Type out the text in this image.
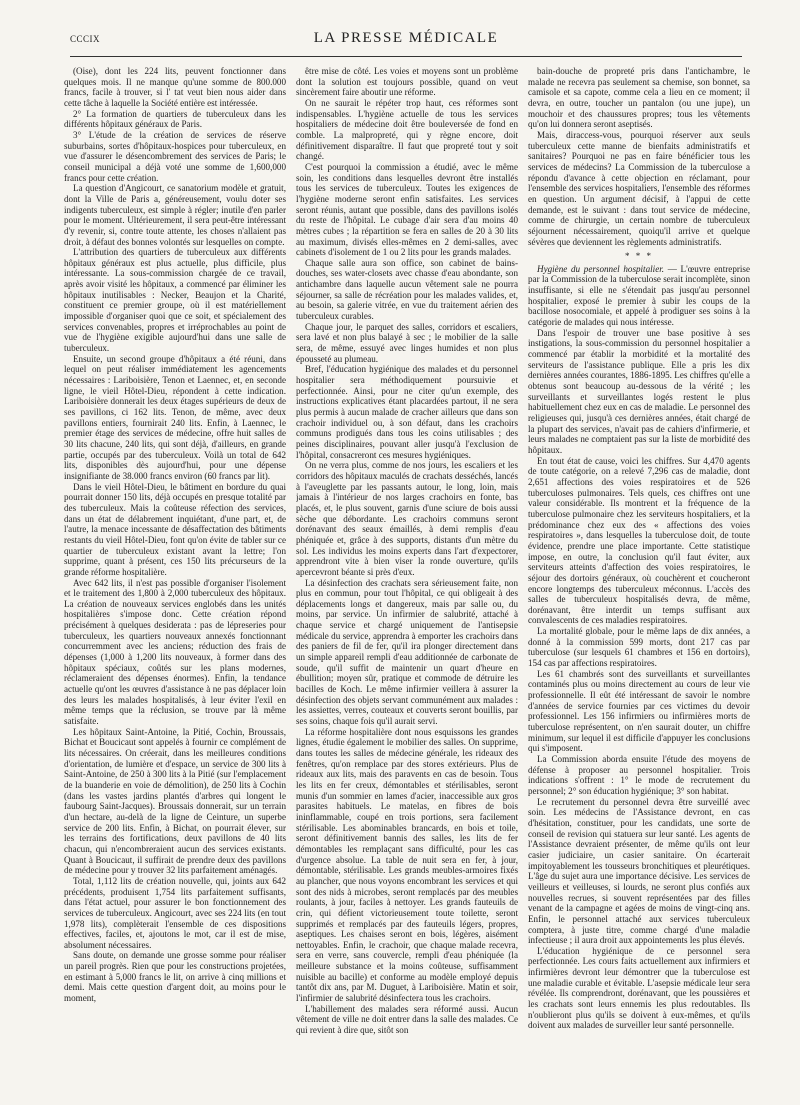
CCCIX	LA PRESSE MÉDICALE

(Oise), dont les 224 lits, peuvent fonctionner dans quelques mois. Il ne manque qu'une somme de 800.000 francs, facile à trouver, si l' tat veut bien nous aider dans cette tâche à laquelle la Société entière est intéressée.

2° La formation de quartiers de tuberculeux dans les différents hôpitaux généraux de Paris.

3° L'étude de la création de services de réserve suburbains, sortes d'hôpitaux-hospices pour tuberculeux, en vue d'assurer le désencombrement des services de Paris; le conseil municipal a déjà voté une somme de 1,600,000 francs pour cette création.

La question d'Angicourt, ce sanatorium modèle et gratuit, dont la Ville de Paris a, généreusement, voulu doter ses indigents tuberculeux, est simple à régler; inutile d'en parler pour le moment. Ultérieurement, il sera peut-être intéressant d'y revenir, si, contre toute attente, les choses n'allaient pas droit, à défaut des bonnes volontés sur lesquelles on compte.

L'attribution des quartiers de tuberculeux aux différents hôpitaux généraux est plus actuelle, plus difficile, plus intéressante. La sous-commission chargée de ce travail, après avoir visité les hôpitaux, a commencé par éliminer les hôpitaux inutilisables : Necker, Beaujon et la Charité, constituent ce premier groupe, où il est matériellement impossible d'organiser quoi que ce soit, et spécialement des services convenables, propres et irréprochables au point de vue de l'hygiène exigible aujourd'hui dans une salle de tuberculeux.

Ensuite, un second groupe d'hôpitaux a été réuni, dans lequel on peut réaliser immédiatement les agencements nécessaires : Lariboisière, Tenon et Laennec, et, en seconde ligne, le vieil Hôtel-Dieu, répondent à cette indication. Lariboisière donnerait les deux étages supérieurs de deux de ses pavillons, ci 162 lits. Tenon, de même, avec deux pavillons entiers, fournirait 240 lits. Enfin, à Laennec, le premier étage des services de médecine, offre huit salles de 30 lits chacune, 240 lits, qui sont déjà, d'ailleurs, en grande partie, occupés par des tuberculeux. Voilà un total de 642 lits, disponibles dès aujourd'hui, pour une dépense insignifiante de 38.000 francs environ (60 francs par lit).

Dans le vieil Hôtel-Dieu, le bâtiment en bordure du quai pourrait donner 150 lits, déjà occupés en presque totalité par des tuberculeux. Mais la coûteuse réfection des services, dans un état de délabrement inquiétant, d'une part, et, de l'autre, la menace incessante de désaffectation des bâtiments restants du vieil Hôtel-Dieu, font qu'on évite de tabler sur ce quartier de tuberculeux existant avant la lettre; l'on supprime, quant à présent, ces 150 lits précurseurs de la grande réforme hospitalière.

Avec 642 lits, il n'est pas possible d'organiser l'isolement et le traitement des 1,800 à 2,000 tuberculeux des hôpitaux. La création de nouveaux services englobés dans les unités hospitalières s'impose donc. Cette création répond précisément à quelques desiderata : pas de lépreseries pour tuberculeux, les quartiers nouveaux annexés fonctionnant concurremment avec les anciens; réduction des frais de dépenses (1,000 à 1,200 lits nouveaux, à former dans des hôpitaux spéciaux, coûtés sur les plans modernes, réclameraient des dépenses énormes). Enfin, la tendance actuelle qu'ont les œuvres d'assistance à ne pas déplacer loin des leurs les malades hospitalisés, à leur éviter l'exil en même temps que la réclusion, se trouve par là même satisfaite.

Les hôpitaux Saint-Antoine, la Pitié, Cochin, Broussais, Bichat et Boucicaut sont appelés à fournir ce complément de lits nécessaires. On créerait, dans les meilleures conditions d'orientation, de lumière et d'espace, un service de 300 lits à Saint-Antoine, de 250 à 300 lits à la Pitié (sur l'emplacement de la buanderie en voie de démolition), de 250 lits à Cochin (dans les vastes jardins plantés d'arbres qui longent le faubourg Saint-Jacques). Broussais donnerait, sur un terrain d'un hectare, au-delà de la ligne de Ceinture, un superbe service de 200 lits. Enfin, à Bichat, on pourrait élever, sur les terrains des fortifications, deux pavillons de 40 lits chacun, qui n'encombreraient aucun des services existants. Quant à Boucicaut, il suffirait de prendre deux des pavillons de médecine pour y trouver 32 lits parfaitement aménagés.

Total, 1,112 lits de création nouvelle, qui, joints aux 642 précédents, produisent 1,754 lits parfaitement suffisants, dans l'état actuel, pour assurer le bon fonctionnement des services de tuberculeux. Angicourt, avec ses 224 lits (en tout 1,978 lits), complèterait l'ensemble de ces dispositions effectives, faciles, et, ajoutons le mot, car il est de mise, absolument nécessaires.

Sans doute, on demande une grosse somme pour réaliser un pareil progrès. Rien que pour les constructions projetées, en estimant à 5,000 francs le lit, on arrive à cinq millions et demi. Mais cette question d'argent doit, au moins pour le moment,

être mise de côté. Les voies et moyens sont un problème dont la solution est toujours possible, quand on veut sincèrement faire aboutir une réforme.

On ne saurait le répéter trop haut, ces réformes sont indispensables. L'hygiène actuelle de tous les services hospitaliers de médecine doit être bouleversée de fond en comble. La malpropreté, qui y règne encore, doit définitivement disparaître. Il faut que propreté tout y soit changé.

C'est pourquoi la commission a étudié, avec le même soin, les conditions dans lesquelles devront être installés tous les services de tuberculeux. Toutes les exigences de l'hygiène moderne seront enfin satisfaites. Les services seront réunis, autant que possible, dans des pavillons isolés du reste de l'hôpital. Le cubage d'air sera d'au moins 40 mètres cubes ; la répartition se fera en salles de 20 à 30 lits au maximum, divisés elles-mêmes en 2 demi-salles, avec cabinets d'isolement de 1 ou 2 lits pour les grands malades.

Chaque salle aura son office, son cabinet de bains-douches, ses water-closets avec chasse d'eau abondante, son antichambre dans laquelle aucun vêtement sale ne pourra séjourner, sa salle de récréation pour les malades valides, et, au besoin, sa galerie vitrée, en vue du traitement aérien des tuberculeux curables.

Chaque jour, le parquet des salles, corridors et escaliers, sera lavé et non plus balayé à sec ; le mobilier de la salle sera, de même, essuyé avec linges humides et non plus épousseté au plumeau.

Bref, l'éducation hygiénique des malades et du personnel hospitalier sera méthodiquement poursuivie et perfectionnée. Ainsi, pour ne citer qu'un exemple, des instructions explicatives étant placardées partout, il ne sera plus permis à aucun malade de cracher ailleurs que dans son crachoir individuel ou, à son défaut, dans les crachoirs communs prodigués dans tous les coins utilisables ; des peines disciplinaires, pouvant aller jusqu'à l'exclusion de l'hôpital, consacreront ces mesures hygiéniques.

On ne verra plus, comme de nos jours, les escaliers et les corridors des hôpitaux maculés de crachats desséchés, lancés à l'aveuglette par les passants autour, le long, loin, mais jamais à l'intérieur de nos larges crachoirs en fonte, bas placés, et, le plus souvent, garnis d'une sciure de bois aussi sèche que débordante. Les crachoirs communs seront dorénavant des seaux émaillés, à demi remplis d'eau phéniquée et, grâce à des supports, distants d'un mètre du sol. Les individus les moins experts dans l'art d'expectorer, apprendront vite à bien viser la ronde ouverture, qu'ils apercevront béante si près d'eux.

La désinfection des crachats sera sérieusement faite, non plus en commun, pour tout l'hôpital, ce qui obligeait à des déplacements longs et dangereux, mais par salle ou, du moins, par service. Un infirmier de salubrité, attaché à chaque service et chargé uniquement de l'antisepsie médicale du service, apprendra à emporter les crachoirs dans des paniers de fil de fer, qu'il ira plonger directement dans un simple appareil rempli d'eau additionnée de carbonate de soude, qu'il suffit de maintenir un quart d'heure en ébullition; moyen sûr, pratique et commode de détruire les bacilles de Koch. Le même infirmier veillera à assurer la désinfection des objets servant communément aux malades : les assiettes, verres, couteaux et couverts seront bouillis, par ses soins, chaque fois qu'il aurait servi.

La réforme hospitalière dont nous esquissons les grandes lignes, étudie également le mobilier des salles. On supprime, dans toutes les salles de médecine générale, les rideaux des fenêtres, qu'on remplace par des stores extérieurs. Plus de rideaux aux lits, mais des paravents en cas de besoin. Tous les lits en fer creux, démontables et stérilisables, seront munis d'un sommier en lames d'acier, inaccessible aux gros parasites habituels. Le matelas, en fibres de bois ininflammable, coupé en trois portions, sera facilement stérilisable. Les abominables brancards, en bois et toile, seront définitivement bannis des salles, les lits de fer démontables les remplaçant sans difficulté, pour les cas d'urgence absolue. La table de nuit sera en fer, à jour, démontable, stérilisable. Les grands meubles-armoires fixés au plancher, que nous voyons encombrant les services et qui sont des nids à microbes, seront remplacés par des meubles roulants, à jour, faciles à nettoyer. Les grands fauteuils de crin, qui défient victorieusement toute toilette, seront supprimés et remplacés par des fauteuils légers, propres, aseptiques. Les chaises seront en bois, légères, aisément nettoyables. Enfin, le crachoir, que chaque malade recevra, sera en verre, sans couvercle, rempli d'eau phéniquée (la meilleure substance et la moins coûteuse, suffisamment nuisible au bacille) et conforme au modèle employé depuis tantôt dix ans, par M. Duguet, à Lariboisière. Matin et soir, l'infirmier de salubrité désinfectera tous les crachoirs.

L'habillement des malades sera réformé aussi. Aucun vêtement de ville ne doit entrer dans la salle des malades. Ce qui revient à dire que, sitôt son

bain-douche de propreté pris dans l'antichambre, le malade ne recevra pas seulement sa chemise, son bonnet, sa camisole et sa capote, comme cela a lieu en ce moment; il devra, en outre, toucher un pantalon (ou une jupe), un mouchoir et des chaussures propres; tous les vêtements qu'on lui donnera seront aseptisés.

Mais, diraccess-vous, pourquoi réserver aux seuls tuberculeux cette manne de bienfaits administratifs et sanitaires? Pourquoi ne pas en faire bénéficier tous les services de médecins? La Commission de la tuberculose a répondu d'avance à cette objection en réclamant, pour l'ensemble des services hospitaliers, l'ensemble des réformes en question. Un argument décisif, à l'appui de cette demande, est le suivant : dans tout service de médecine, comme de chirurgie, un certain nombre de tuberculeux séjournent nécessairement, quoiqu'il arrive et quelque sévères que deviennent les règlements administratifs.

* * *

Hygiène du personnel hospitalier. — L'œuvre entreprise par la Commission de la tuberculose serait incomplète, sinon insuffisante, si elle ne s'étendait pas jusqu'au personnel hospitalier, exposé le premier à subir les coups de la bacillose nosocomiale, et appelé à prodiguer ses soins à la catégorie de malades qui nous intéresse.

Dans l'espoir de trouver une base positive à ses instigations, la sous-commission du personnel hospitalier a commencé par établir la morbidité et la mortalité des serviteurs de l'assistance publique. Elle a pris les dix dernières années courantes, 1886-1895. Les chiffres qu'elle a obtenus sont beaucoup au-dessous de la vérité ; les surveillants et surveillantes logés restent le plus habituellement chez eux en cas de maladie. Le personnel des religieuses qui, jusqu'à ces dernières années, était chargé de la plupart des services, n'avait pas de cahiers d'infirmerie, et leurs malades ne comptaient pas sur la liste de morbidité des hôpitaux.

En tout état de cause, voici les chiffres. Sur 4,470 agents de toute catégorie, on a relevé 7,296 cas de maladie, dont 2,651 affections des voies respiratoires et de 526 tuberculoses pulmonaires. Tels quels, ces chiffres ont une valeur considérable. Ils montrent et la fréquence de la tuberculose pulmonaire chez les serviteurs hospitaliers, et la prédominance chez eux des « affections des voies respiratoires », dans lesquelles la tuberculose doit, de toute évidence, prendre une place importante. Cette statistique impose, en outre, la conclusion qu'il faut éviter, aux serviteurs atteints d'affection des voies respiratoires, le séjour des dortoirs généraux, où couchèrent et coucheront encore longtemps des tuberculeux méconnus. L'accès des salles de tuberculeux hospitalisés devra, de même, dorénavant, être interdit un temps suffisant aux convalescents de ces maladies respiratoires.

La mortalité globale, pour le même laps de dix années, a donné à la commission 599 morts, dont 217 cas par tuberculose (sur lesquels 61 chambres et 156 en dortoirs), 154 cas par affections respiratoires.

Les 61 chambrés sont des surveillants et surveillantes contaminés plus ou moins directement au cours de leur vie professionnelle. Il eût été intéressant de savoir le nombre d'années de service fournies par ces victimes du devoir professionnel. Les 156 infirmiers ou infirmières morts de tuberculose représentent, on n'en saurait douter, un chiffre minimum, sur lequel il est difficile d'appuyer les conclusions qui s'imposent.

La Commission aborda ensuite l'étude des moyens de défense à proposer au personnel hospitalier. Trois indications s'offrent : 1° le mode de recrutement du personnel; 2° son éducation hygiénique; 3° son habitat.

Le recrutement du personnel devra être surveillé avec soin. Les médecins de l'Assistance devront, en cas d'hésitation, constituer, pour les candidats, une sorte de conseil de revision qui statuera sur leur santé. Les agents de l'Assistance devraient présenter, de même qu'ils ont leur casier judiciaire, un casier sanitaire. On écarterait impitoyablement les tousseurs bronchitiques et pleurétiques. L'âge du sujet aura une importance décisive. Les services de veilleurs et veilleuses, si lourds, ne seront plus confiés aux nouvelles recrues, si souvent représentées par des filles venant de la campagne et agées de moins de vingt-cinq ans. Enfin, le personnel attaché aux services tuberculeux comptera, à juste titre, comme chargé d'une maladie infectieuse ; il aura droit aux appointements les plus élevés.

L'éducation hygiénique de ce personnel sera perfectionnée. Les cours faits actuellement aux infirmiers et infirmières devront leur démontrer que la tuberculose est une maladie curable et évitable. L'asepsie médicale leur sera révélée. Ils comprendront, dorénavant, que les poussières et les crachats sont leurs ennemis les plus redoutables. Ils n'oublieront plus qu'ils se doivent à eux-mêmes, et qu'ils doivent aux malades de surveiller leur santé personnelle.
